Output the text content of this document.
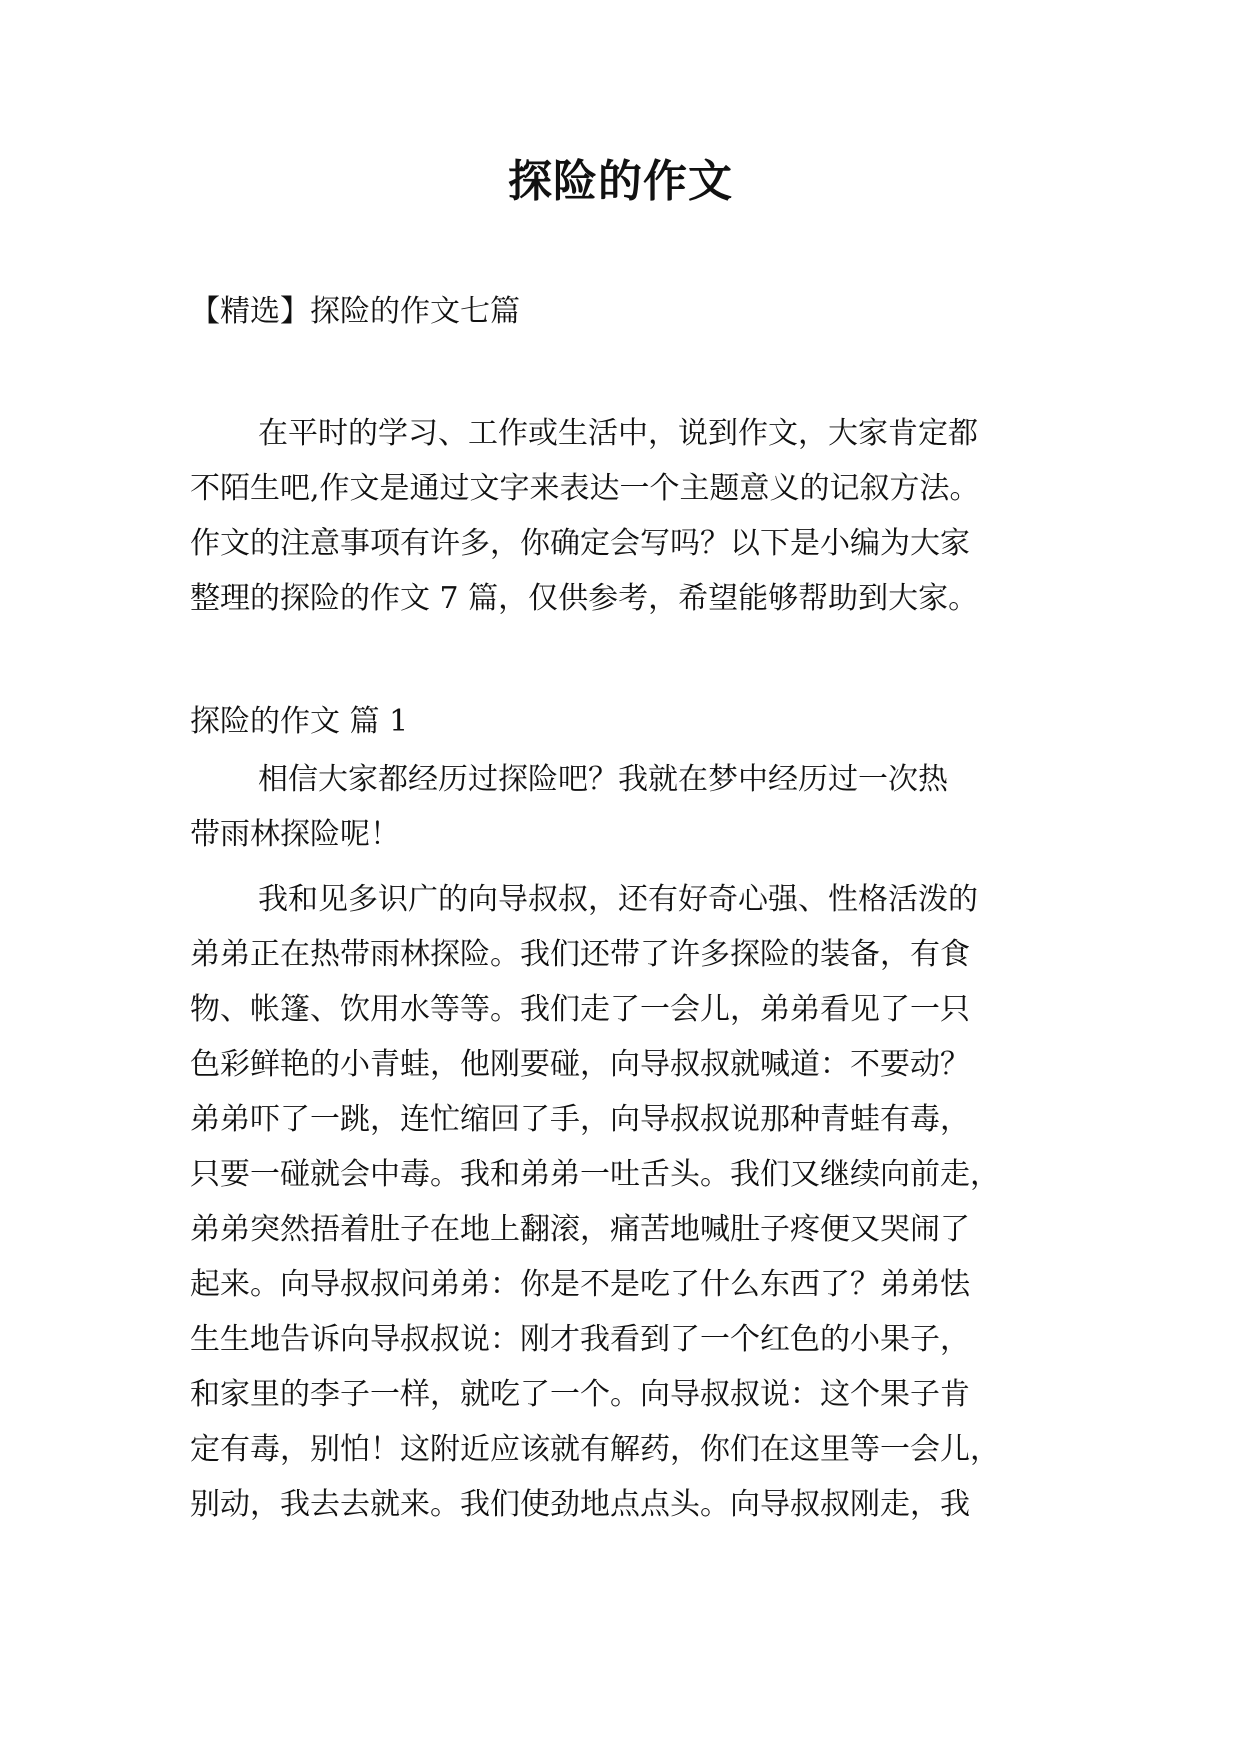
探险的作文

【精选】探险的作文七篇

在平时的学习、工作或生活中，说到作文，大家肯定都
不陌生吧,作文是通过文字来表达一个主题意义的记叙方法。
作文的注意事项有许多，你确定会写吗？以下是小编为大家
整理的探险的作文 7 篇，仅供参考，希望能够帮助到大家。

探险的作文 篇 1

相信大家都经历过探险吧？我就在梦中经历过一次热
带雨林探险呢！
我和见多识广的向导叔叔，还有好奇心强、性格活泼的
弟弟正在热带雨林探险。我们还带了许多探险的装备，有食
物、帐篷、饮用水等等。我们走了一会儿，弟弟看见了一只
色彩鲜艳的小青蛙，他刚要碰，向导叔叔就喊道：不要动？
弟弟吓了一跳，连忙缩回了手，向导叔叔说那种青蛙有毒，
只要一碰就会中毒。我和弟弟一吐舌头。我们又继续向前走，
弟弟突然捂着肚子在地上翻滚，痛苦地喊肚子疼便又哭闹了
起来。向导叔叔问弟弟：你是不是吃了什么东西了？弟弟怯
生生地告诉向导叔叔说：刚才我看到了一个红色的小果子，
和家里的李子一样，就吃了一个。向导叔叔说：这个果子肯
定有毒，别怕！这附近应该就有解药，你们在这里等一会儿，
别动，我去去就来。我们使劲地点点头。向导叔叔刚走，我
